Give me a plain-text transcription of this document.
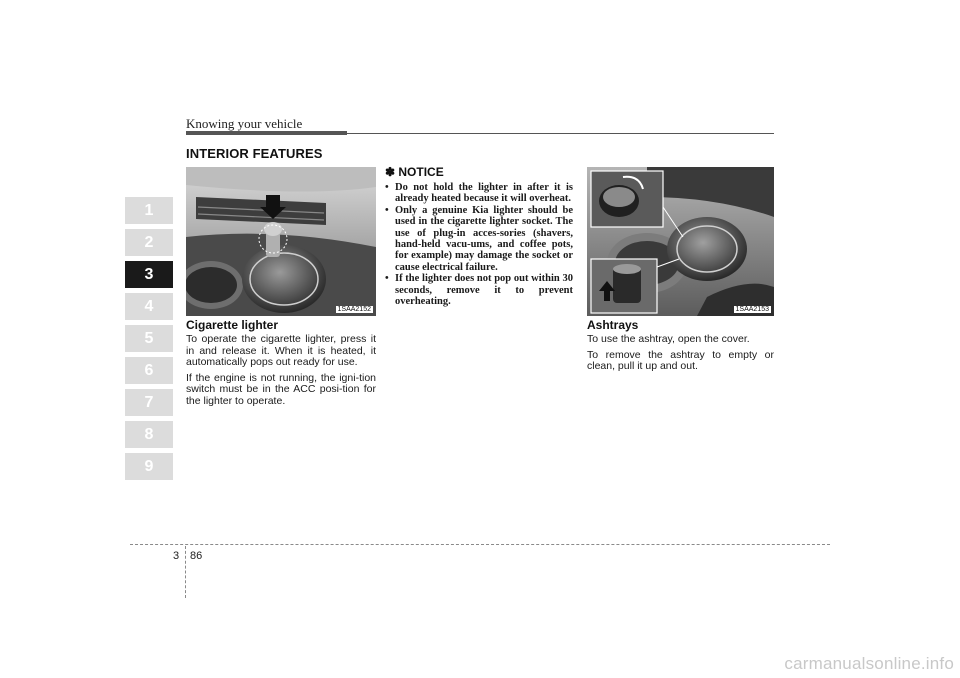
Knowing your vehicle
INTERIOR FEATURES
1
2
3
4
5
6
7
8
9
1SAA2152
Cigarette lighter

To operate the cigarette lighter, press it in and release it. When it is heated, it automatically pops out ready for use.

If the engine is not running, the igni-tion switch must be in the ACC posi-tion for the lighter to operate.

✽ NOTICE
• Do not hold the lighter in after it is already heated because it will overheat.
• Only a genuine Kia lighter should be used in the cigarette lighter socket. The use of plug-in acces-sories (shavers, hand-held vacu-ums, and coffee pots, for example) may damage the socket or cause electrical failure.
• If the lighter does not pop out within 30 seconds, remove it to prevent overheating.
1SAA2153
Ashtrays

To use the ashtray, open the cover.

To remove the ashtray to empty or clean, pull it up and out.

3 86
carmanualsonline.info
